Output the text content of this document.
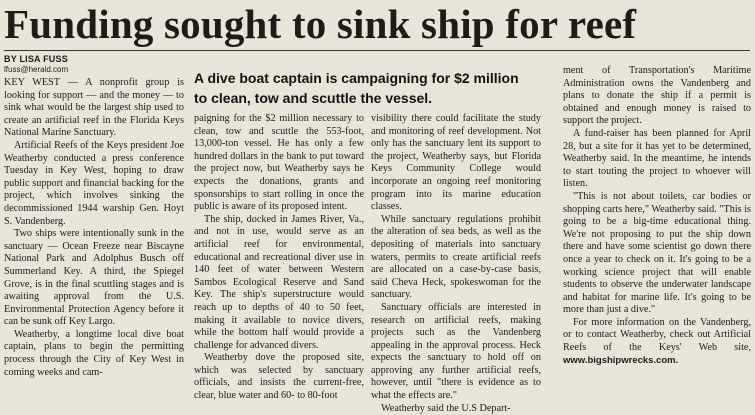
Funding sought to sink ship for reef
BY LISA FUSS
lfuss@herald.com
A dive boat captain is campaigning for $2 million to clean, tow and scuttle the vessel.

KEY WEST — A nonprofit group is looking for support — and the money — to sink what would be the largest ship used to create an artificial reef in the Florida Keys National Marine Sanctuary.

Artificial Reefs of the Keys president Joe Weatherby conducted a press conference Tuesday in Key West, hoping to draw public support and financial backing for the project, which involves sinking the decommissioned 1944 warship Gen. Hoyt S. Vandenberg.

Two ships were intentionally sunk in the sanctuary — Ocean Freeze near Biscayne National Park and Adolphus Busch off Summerland Key. A third, the Spiegel Grove, is in the final scuttling stages and is awaiting approval from the U.S. Environmental Protection Agency before it can be sunk off Key Largo.

Weatherby, a longtime local dive boat captain, plans to begin the permitting process through the City of Key West in coming weeks and cam-

paigning for the $2 million necessary to clean, tow and scuttle the 553-foot, 13,000-ton vessel. He has only a few hundred dollars in the bank to put toward the project now, but Weatherby says he expects the donations, grants and sponsorships to start rolling in once the public is aware of its proposed intent.

The ship, docked in James River, Va., and not in use, would serve as an artificial reef for environmental, educational and recreational diver use in 140 feet of water between Western Sambos Ecological Reserve and Sand Key. The ship's superstructure would reach up to depths of 40 to 50 feet, making it available to novice divers, while the bottom half would provide a challenge for advanced divers.

Weatherby dove the proposed site, which was selected by sanctuary officials, and insists the current-free, clear, blue water and 60- to 80-foot

visibility there could facilitate the study and monitoring of reef development. Not only has the sanctuary lent its support to the project, Weatherby says, but Florida Keys Community College would incorporate an ongoing reef monitoring program into its marine education classes.

While sanctuary regulations prohibit the alteration of sea beds, as well as the depositing of materials into sanctuary waters, permits to create artificial reefs are allocated on a case-by-case basis, said Cheva Heck, spokeswoman for the sanctuary.

Sanctuary officials are interested in research on artificial reefs, making projects such as the Vandenberg appealing in the approval process. Heck expects the sanctuary to hold off on approving any further artificial reefs, however, until "there is evidence as to what the effects are."

Weatherby said the U.S Depart-

ment of Transportation's Maritime Administration owns the Vandenberg and plans to donate the ship if a permit is obtained and enough money is raised to support the project.

A fund-raiser has been planned for April 28, but a site for it has yet to be determined, Weatherby said. In the meantime, he intends to start touting the project to whoever will listen.

"This is not about toilets, car bodies or shopping carts here," Weatherby said. "This is going to be a big-time educational thing. We're not proposing to put the ship down there and have some scientist go down there once a year to check on it. It's going to be a working science project that will enable students to observe the underwater landscape and habitat for marine life. It's going to be more than just a dive."

For more information on the Vandenberg, or to contact Weatherby, check out Artificial Reefs of the Keys' Web site, www.bigshipwrecks.com.
